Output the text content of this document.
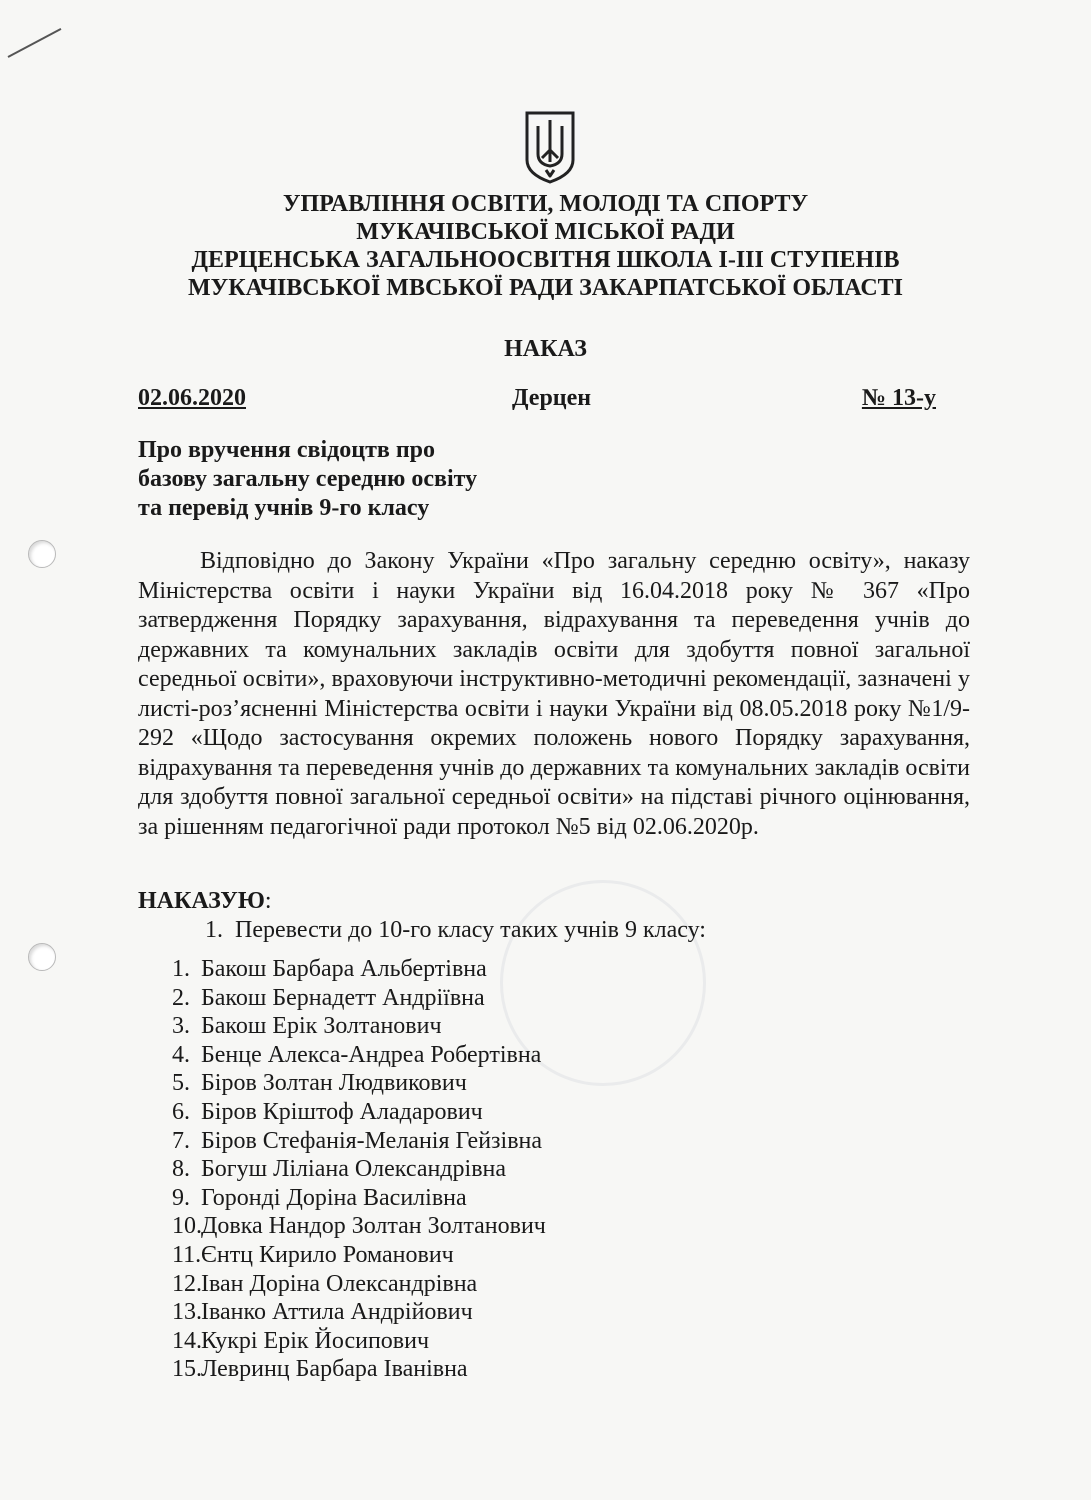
УПРАВЛІННЯ ОСВІТИ, МОЛОДІ ТА СПОРТУ
МУКАЧІВСЬКОЇ МІСЬКОЇ РАДИ
ДЕРЦЕНСЬКА ЗАГАЛЬНООСВІТНЯ ШКОЛА І-ІІІ СТУПЕНІВ
МУКАЧІВСЬКОЇ МВСЬКОЇ РАДИ ЗАКАРПАТСЬКОЇ ОБЛАСТІ
НАКАЗ
02.06.2020	Дерцен	№ 13-у
Про вручення свідоцтв про
базову загальну середню освіту
та перевід учнів 9-го класу
Відповідно до Закону України «Про загальну середню освіту», наказу Міністерства освіти і науки України від 16.04.2018 року № 367 «Про затвердження Порядку зарахування, відрахування та переведення учнів до державних та комунальних закладів освіти для здобуття повної загальної середньої освіти», враховуючи інструктивно-методичні рекомендації, зазначені у листі-роз’ясненні Міністерства освіти і науки України від 08.05.2018 року №1/9-292 «Щодо застосування окремих положень нового Порядку зарахування, відрахування та переведення учнів до державних та комунальних закладів освіти для здобуття повної загальної середньої освіти» на підставі річного оцінювання, за рішенням педагогічної ради протокол №5 від 02.06.2020р.
НАКАЗУЮ:
1. Перевести до 10-го класу таких учнів 9 класу:
1. Бакош Барбара Альбертівна
2. Бакош Бернадетт Андріївна
3. Бакош Ерік Золтанович
4. Бенце Алекса-Андреа Робертівна
5. Біров Золтан Людвикович
6. Біров Кріштоф Аладарович
7. Біров Стефанія-Меланія Гейзівна
8. Богуш Ліліана Олександрівна
9. Горонді Доріна Василівна
10.Довка Нандор Золтан Золтанович
11.Єнтц Кирило Романович
12.Іван Доріна Олександрівна
13.Іванко Аттила Андрійович
14.Кукрі Ерік Йосипович
15.Левринц Барбара Іванівна
